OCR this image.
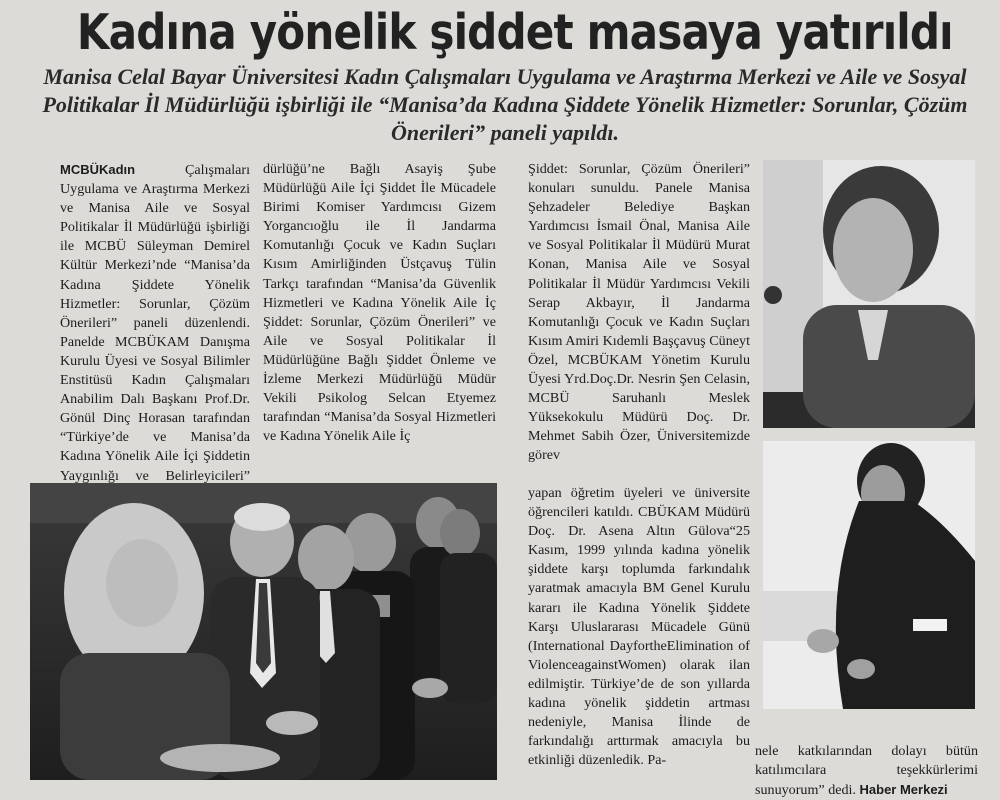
Kadına yönelik şiddet masaya yatırıldı

Manisa Celal Bayar Üniversitesi Kadın Çalışmaları Uygulama ve Araştırma Merkezi ve Aile ve Sosyal Politikalar İl Müdürlüğü işbirliği ile “Manisa’da Kadına Şiddete Yönelik Hizmetler: Sorunlar, Çözüm Önerileri” paneli yapıldı.

MCBÜKadın	Çalışmaları Uygulama ve Araştırma Merkezi ve Manisa Aile ve Sosyal Politikalar İl Müdürlüğü işbirliği ile MCBÜ Süleyman Demirel Kültür Merkezi’nde “Manisa’da Kadına Şiddete Yönelik Hizmetler: Sorunlar, Çözüm Önerileri” paneli düzenlendi. Panelde MCBÜKAM Danışma Kurulu Üyesi ve Sosyal Bilimler Enstitüsü Kadın Çalışmaları Anabilim Dalı Başkanı Prof.Dr. Gönül Dinç Horasan tarafından “Türkiye’de ve Manisa’da Kadına Yönelik Aile İçi Şiddetin Yaygınlığı ve Belirleyicileri”

dürlüğü’ne Bağlı Asayiş Şube Müdürlüğü Aile İçi Şiddet İle Mücadele Birimi Komiser Yardımcısı Gizem Yorgancıoğlu ile İl Jandarma Komutanlığı Çocuk ve Kadın Suçları Kısım Amirliğinden Üstçavuş Tülin Tarkçı tarafından “Manisa’da Güvenlik Hizmetleri ve Kadına Yönelik Aile İç Şiddet: Sorunlar, Çözüm Önerileri” ve Aile ve Sosyal Politikalar İl Müdürlüğüne Bağlı Şiddet Önleme ve İzleme Merkezi Müdürlüğü Müdür Vekili Psikolog Selcan Etyemez tarafından “Manisa’da Sosyal Hizmetleri ve Kadına Yönelik Aile İç

Şiddet: Sorunlar, Çözüm Önerileri” konuları sunuldu. Panele Manisa Şehzadeler Belediye Başkan Yardımcısı İsmail Önal, Manisa Aile ve Sosyal Politikalar İl Müdürü Murat Konan, Manisa Aile ve Sosyal Politikalar İl Müdür Yardımcısı Vekili Serap Akbayır, İl Jandarma Komutanlığı Çocuk ve Kadın Suçları Kısım Amiri Kıdemli Başçavuş Cüneyt Özel, MCBÜKAM Yönetim Kurulu Üyesi Yrd.Doç.Dr. Nesrin Şen Celasin, MCBÜ Saruhanlı Meslek Yüksekokulu Müdürü Doç. Dr. Mehmet Sabih Özer, Üniversitemizde görev

yapan öğretim üyeleri ve üniversite öğrencileri katıldı. CBÜKAM Müdürü Doç. Dr. Asena Altın Gülova“25 Kasım, 1999 yılında kadına yönelik şiddete karşı toplumda farkındalık yaratmak amacıyla BM Genel Kurulu kararı ile Kadına Yönelik Şiddete Karşı Uluslararası Mücadele Günü (International DayfortheElimination of ViolenceagainstWomen) olarak ilan edilmiştir. Türkiye’de de son yıllarda kadına yönelik şiddetin artması nedeniyle, Manisa İlinde de farkındalığı arttırmak amacıyla bu etkinliği düzenledik. Pa-

nele katkılarından dolayı bütün katılımcılara teşekkürlerimi sunuyorum” dedi. Haber Merkezi
